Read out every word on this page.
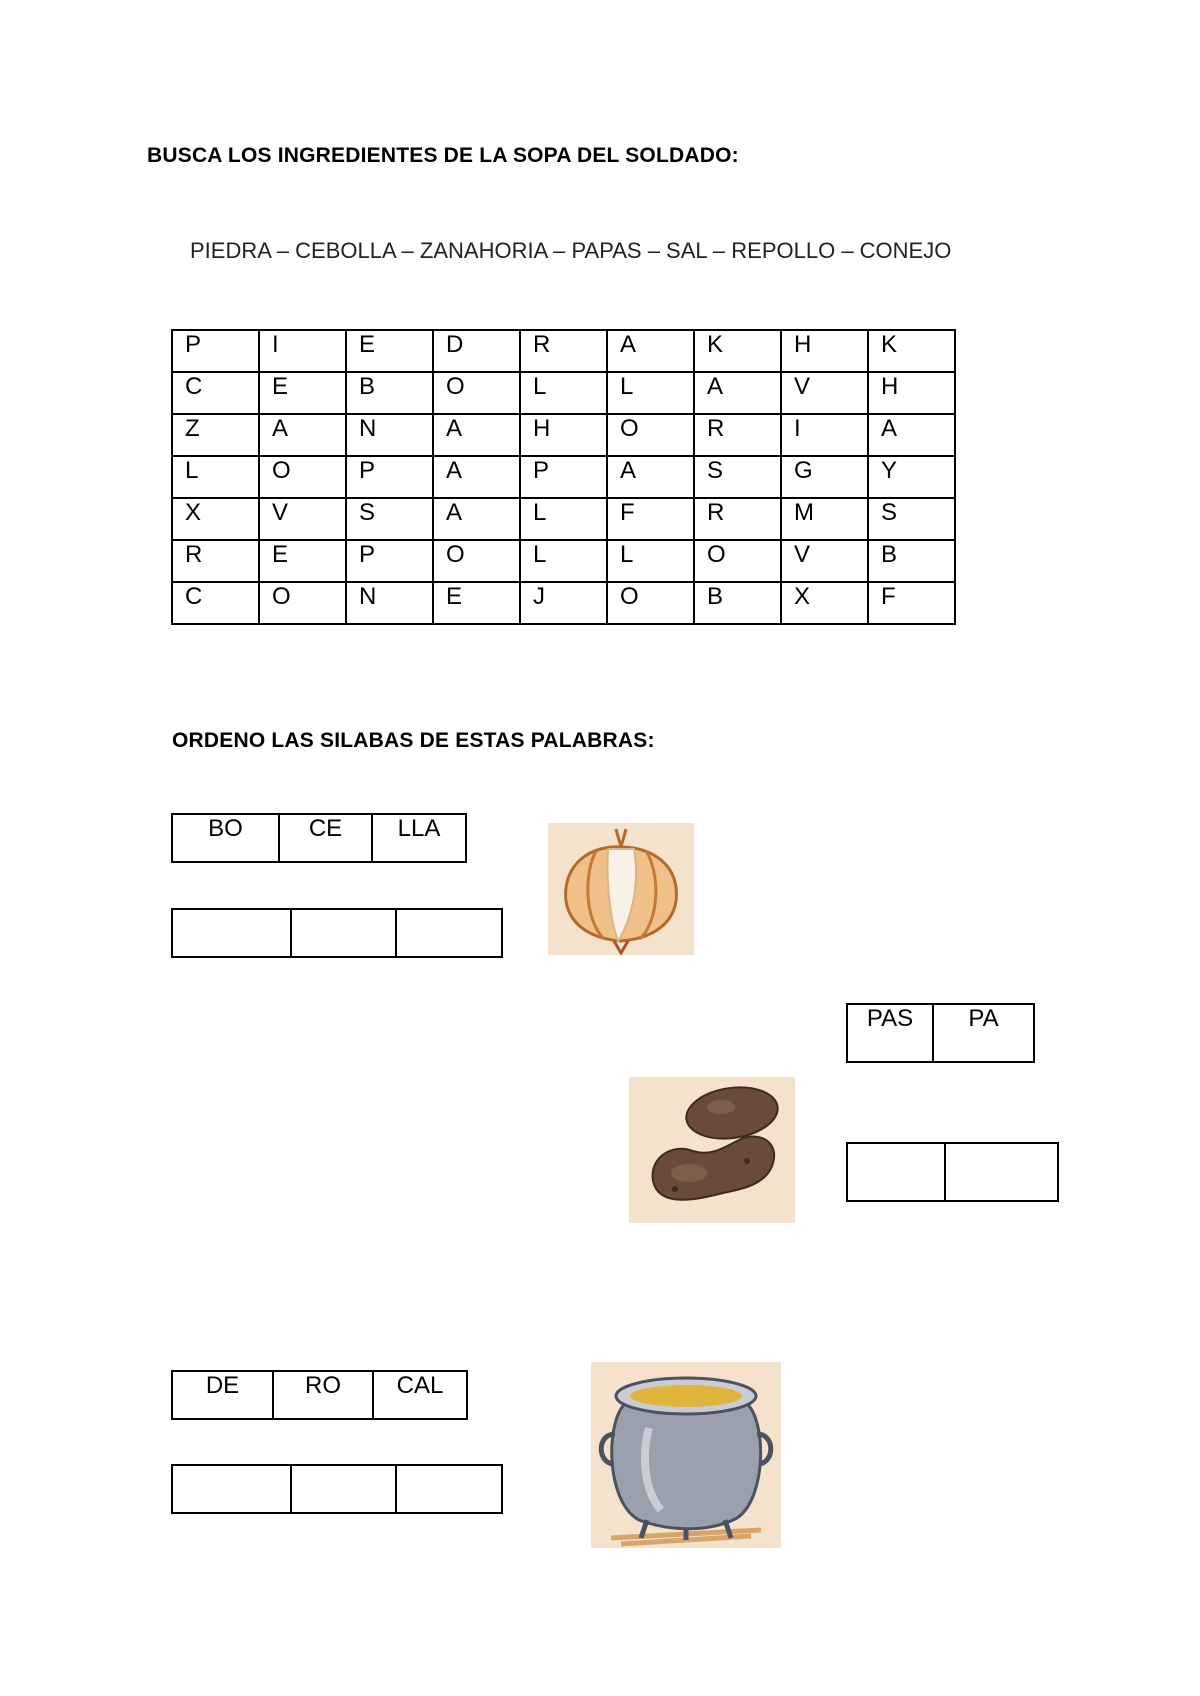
BUSCA LOS INGREDIENTES DE LA SOPA DEL SOLDADO:
PIEDRA – CEBOLLA – ZANAHORIA – PAPAS – SAL – REPOLLO – CONEJO
P	I	E	D	R	A	K	H	K
C	E	B	O	L	L	A	V	H
Z	A	N	A	H	O	R	I	A
L	O	P	A	P	A	S	G	Y
X	V	S	A	L	F	R	M	S
R	E	P	O	L	L	O	V	B
C	O	N	E	J	O	B	X	F
ORDENO LAS SILABAS DE ESTAS PALABRAS:
BO	CE	LLA

PAS	PA

DE	RO	CAL
